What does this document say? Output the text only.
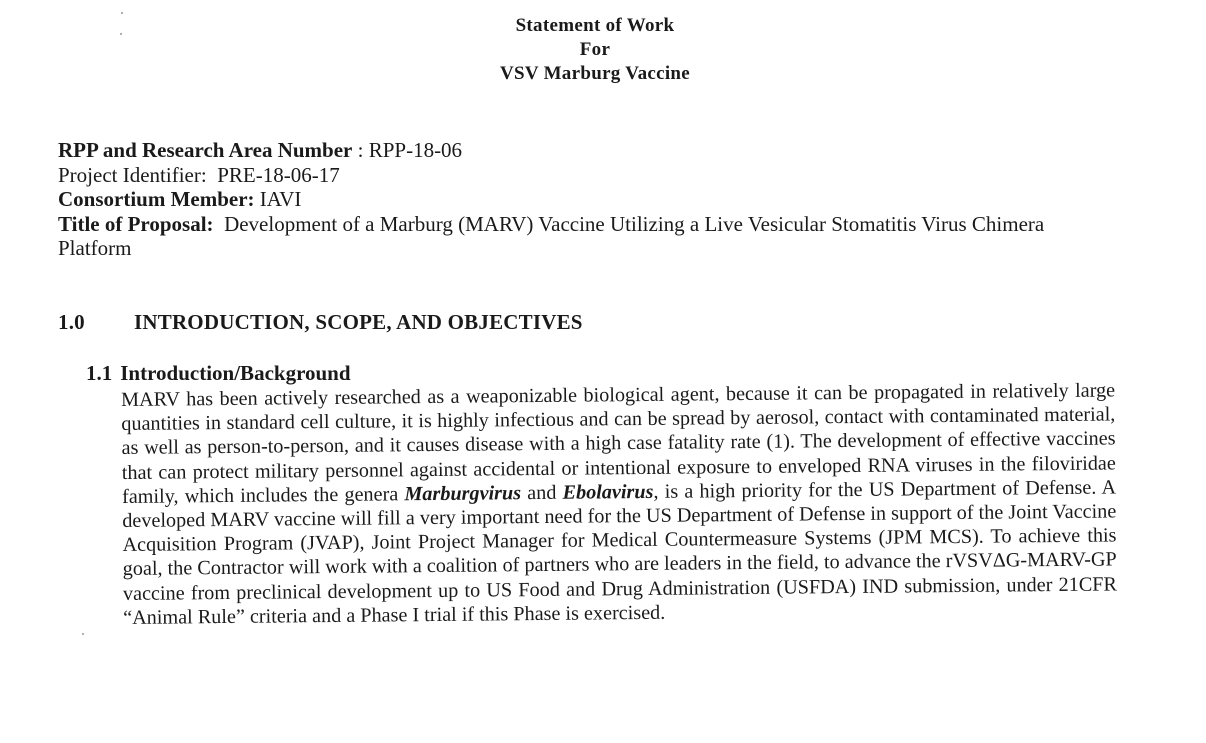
Statement of Work
For
VSV Marburg Vaccine
RPP and Research Area Number : RPP-18-06
Project Identifier:  PRE-18-06-17
Consortium Member: IAVI
Title of Proposal:  Development of a Marburg (MARV) Vaccine Utilizing a Live Vesicular Stomatitis Virus Chimera Platform
1.0 INTRODUCTION, SCOPE, AND OBJECTIVES
1.1 Introduction/Background
MARV has been actively researched as a weaponizable biological agent, because it can be propagated in relatively large quantities in standard cell culture, it is highly infectious and can be spread by aerosol, contact with contaminated material, as well as person-to-person, and it causes disease with a high case fatality rate (1). The development of effective vaccines that can protect military personnel against accidental or intentional exposure to enveloped RNA viruses in the filoviridae family, which includes the genera Marburgvirus and Ebolavirus, is a high priority for the US Department of Defense. A developed MARV vaccine will fill a very important need for the US Department of Defense in support of the Joint Vaccine Acquisition Program (JVAP), Joint Project Manager for Medical Countermeasure Systems (JPM MCS). To achieve this goal, the Contractor will work with a coalition of partners who are leaders in the field, to advance the rVSVΔG-MARV-GP vaccine from preclinical development up to US Food and Drug Administration (USFDA) IND submission, under 21CFR “Animal Rule” criteria and a Phase I trial if this Phase is exercised.
